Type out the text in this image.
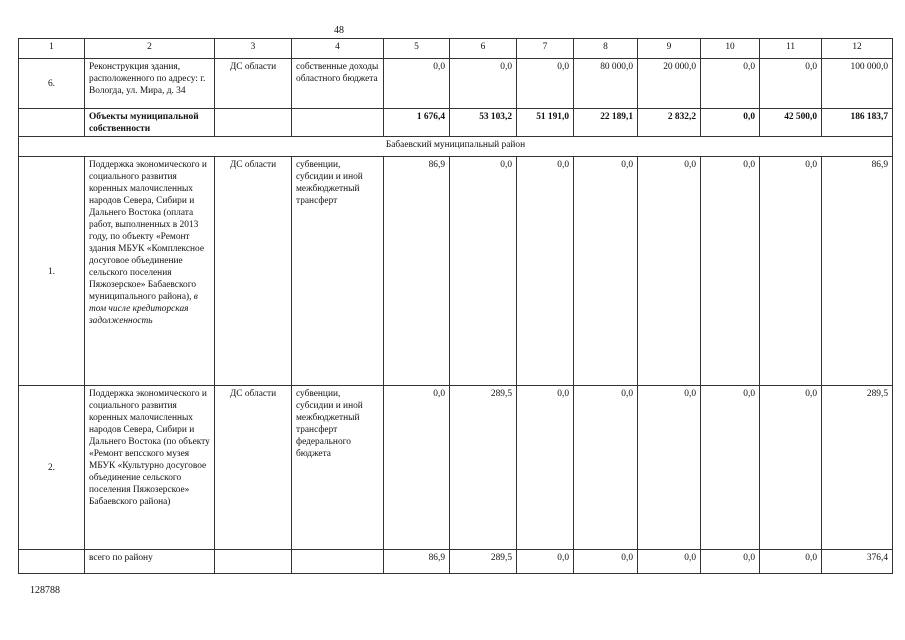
48
1	2	3	4	5	6	7	8	9	10	11	12
6.	Реконструкция здания, расположенного по адресу: г. Вологда, ул. Мира, д. 34	ДС области	собственные доходы областного бюджета	0,0	0,0	0,0	80 000,0	20 000,0	0,0	0,0	100 000,0
	Объекты муниципальной собственности			1 676,4	53 103,2	51 191,0	22 189,1	2 832,2	0,0	42 500,0	186 183,7
Бабаевский муниципальный район											
1.	Поддержка экономического и социального развития коренных малочисленных народов Севера, Сибири и Дальнего Востока (оплата работ, выполненных в 2013 году, по объекту «Ремонт здания МБУК «Комплексное досуговое объединение сельского поселения Пяжозерское» Бабаевского муниципального района), в том числе кредиторская задолженность	ДС области	субвенции, субсидии и иной межбюджетный трансферт	86,9	0,0	0,0	0,0	0,0	0,0	0,0	86,9
2.	Поддержка экономического и социального развития коренных малочисленных народов Севера, Сибири и Дальнего Востока (по объекту «Ремонт вепсского музея МБУК «Культурно досуговое объединение сельского поселения Пяжозерское» Бабаевского района)	ДС области	субвенции, субсидии и иной межбюджетный трансферт федерального бюджета	0,0	289,5	0,0	0,0	0,0	0,0	0,0	289,5
	всего по району			86,9	289,5	0,0	0,0	0,0	0,0	0,0	376,4
128788
